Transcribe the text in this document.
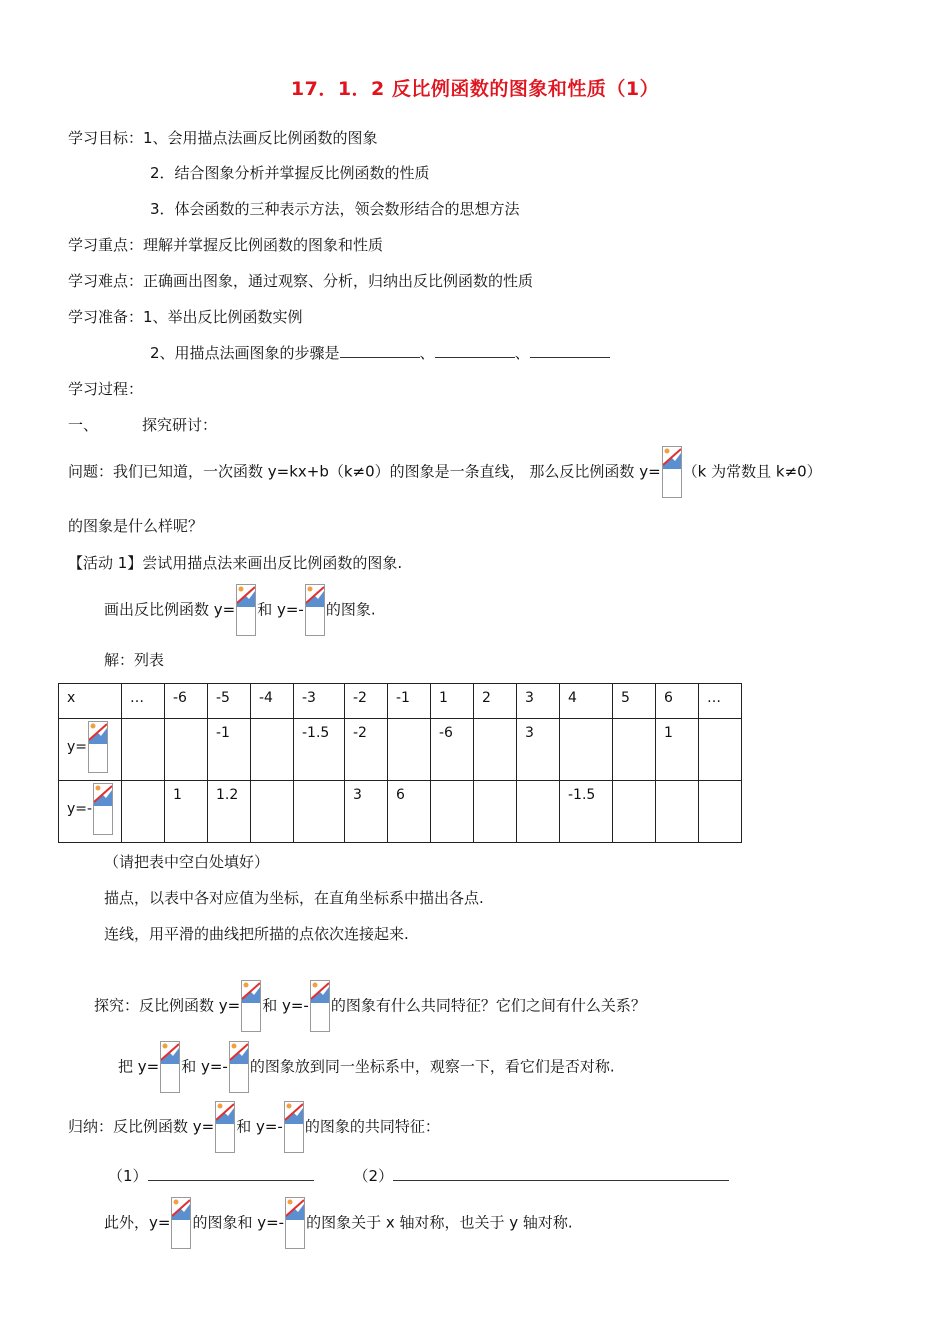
17．1．2 反比例函数的图象和性质（1）
学习目标：1、会用描点法画反比例函数的图象
2．结合图象分析并掌握反比例函数的性质
3．体会函数的三种表示方法，领会数形结合的思想方法
学习重点：理解并掌握反比例函数的图象和性质
学习难点：正确画出图象，通过观察、分析，归纳出反比例函数的性质
学习准备：1、举出反比例函数实例
2、用描点法画图象的步骤是	、	、
学习过程：
一、	探究研讨：
问题：我们已知道，一次函数 y=kx+b（k≠0）的图象是一条直线， 那么反比例函数 y= （k 为常数且 k≠0）
的图象是什么样呢？
【活动 1】尝试用描点法来画出反比例函数的图象.
画出反比例函数 y= 和 y=- 的图象.
解：列表
x	…	-6	-5	-4	-3	-2	-1	1	2	3	4	5	6	…

y=			-1		-1.5	-2		-6		3			1	

y=-		1	1.2			3	6				-1.5			
（请把表中空白处填好）
描点，以表中各对应值为坐标，在直角坐标系中描出各点.
连线，用平滑的曲线把所描的点依次连接起来.
探究：反比例函数 y= 和 y=- 的图象有什么共同特征？它们之间有什么关系？
把 y= 和 y=- 的图象放到同一坐标系中，观察一下，看它们是否对称.
归纳：反比例函数 y= 和 y=- 的图象的共同特征：
（1）	（2）
此外，y= 的图象和 y=- 的图象关于 x 轴对称，也关于 y 轴对称.
